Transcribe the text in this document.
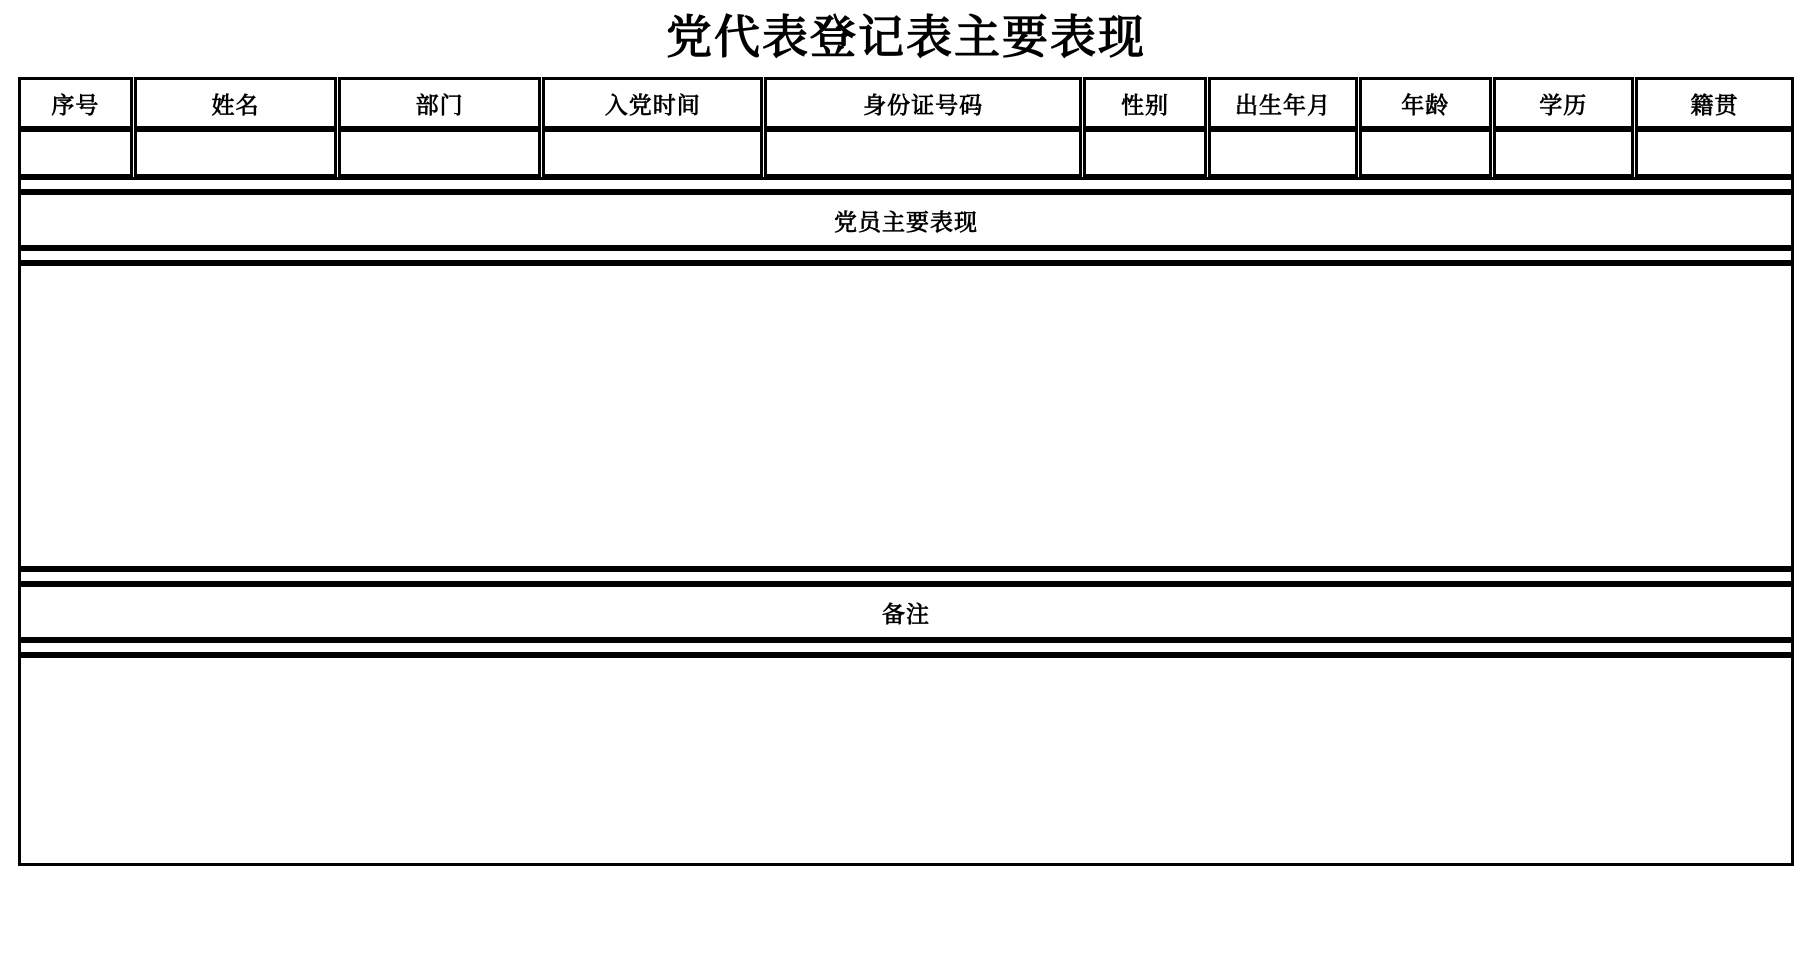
党代表登记表主要表现
序号		姓名		部门		入党时间		身份证号码		性别		出生年月		年龄		学历		籍贯

党员主要表现									

备注									
